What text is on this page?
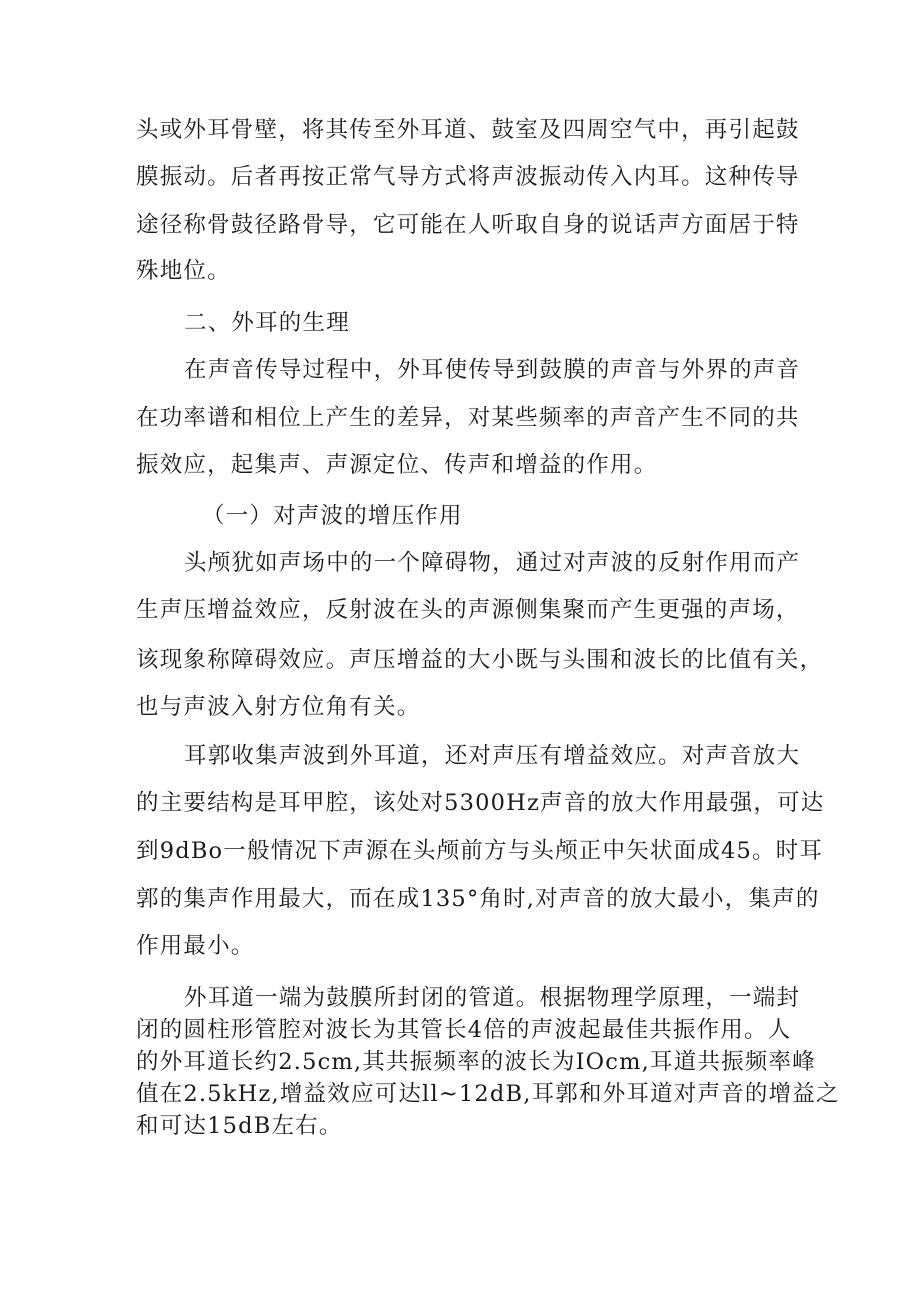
头或外耳骨壁，将其传至外耳道、鼓室及四周空气中，再引起鼓
膜振动。后者再按正常气导方式将声波振动传入内耳。这种传导
途径称骨鼓径路骨导，它可能在人听取自身的说话声方面居于特
殊地位。
二、外耳的生理
在声音传导过程中，外耳使传导到鼓膜的声音与外界的声音
在功率谱和相位上产生的差异，对某些频率的声音产生不同的共
振效应，起集声、声源定位、传声和增益的作用。
（一）对声波的增压作用
头颅犹如声场中的一个障碍物，通过对声波的反射作用而产
生声压增益效应，反射波在头的声源侧集聚而产生更强的声场，
该现象称障碍效应。声压增益的大小既与头围和波长的比值有关，
也与声波入射方位角有关。
耳郭收集声波到外耳道，还对声压有增益效应。对声音放大
的主要结构是耳甲腔，该处对5300Hz声音的放大作用最强，可达
到9dBo一般情况下声源在头颅前方与头颅正中矢状面成45。时耳
郭的集声作用最大，而在成135°角时,对声音的放大最小，集声的
作用最小。
外耳道一端为鼓膜所封闭的管道。根据物理学原理，一端封
闭的圆柱形管腔对波长为其管长4倍的声波起最佳共振作用。人
的外耳道长约2.5cm,其共振频率的波长为IOcm,耳道共振频率峰
值在2.5kHz,增益效应可达ll~12dB,耳郭和外耳道对声音的增益之
和可达15dB左右。
